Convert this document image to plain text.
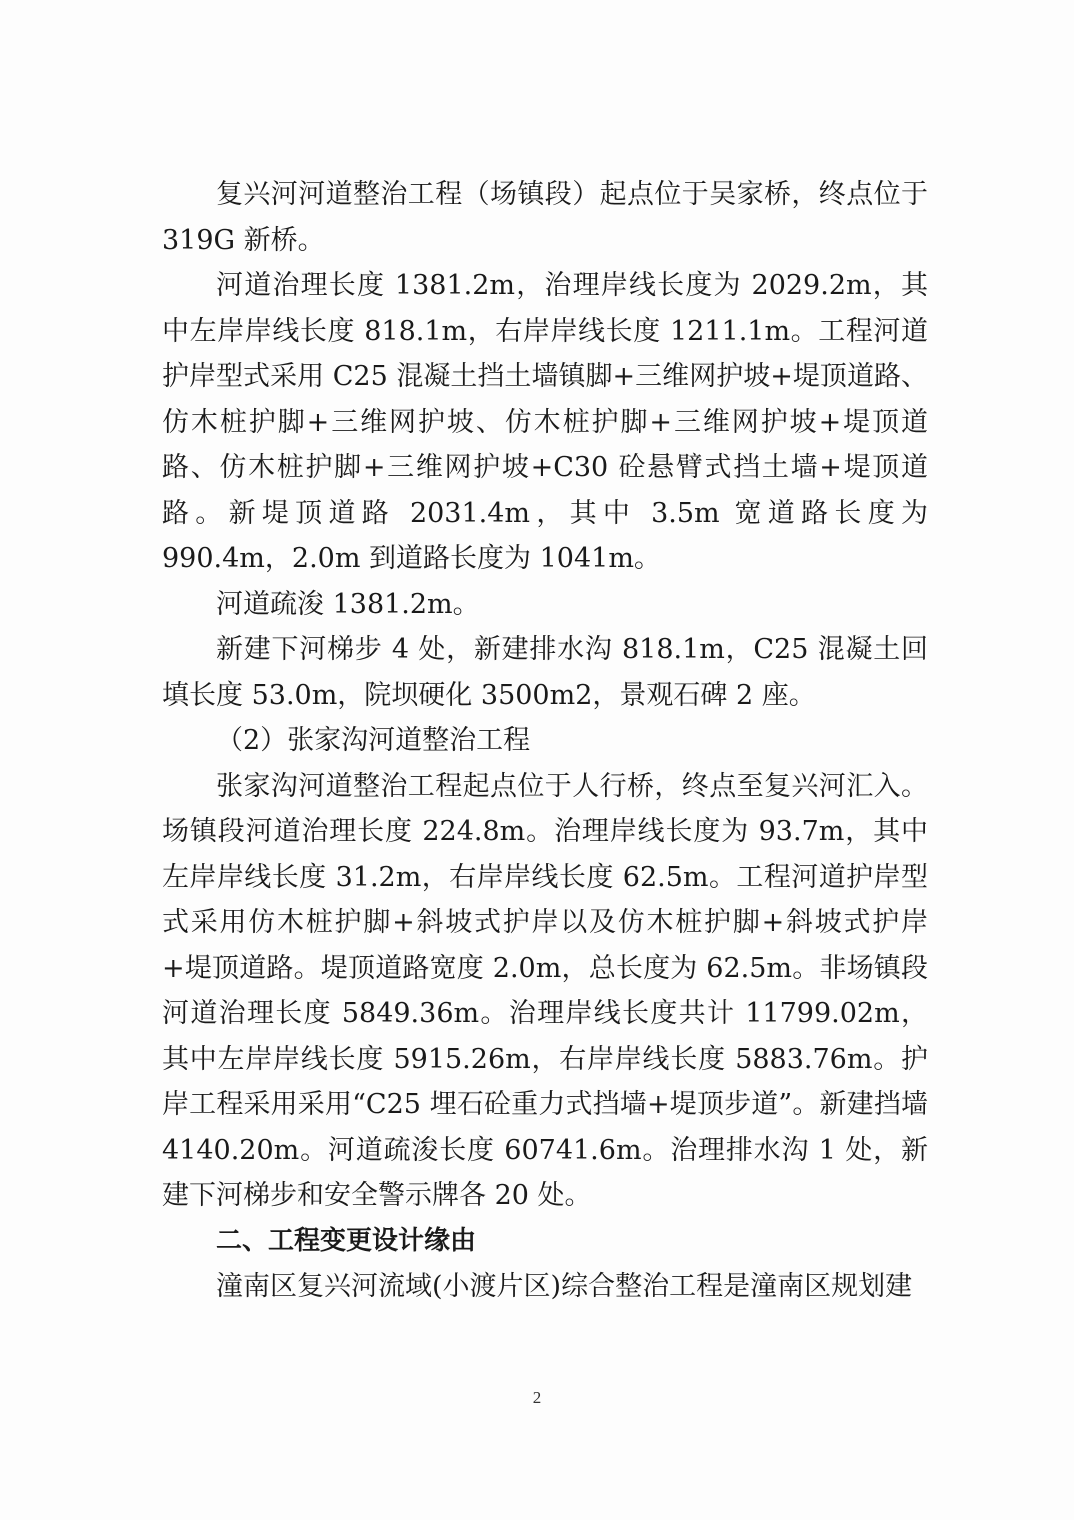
复兴河河道整治工程（场镇段）起点位于吴家桥，终点位于319G 新桥。

河道治理长度 1381.2m，治理岸线长度为 2029.2m，其中左岸岸线长度 818.1m，右岸岸线长度 1211.1m。工程河道护岸型式采用 C25 混凝土挡土墙镇脚+三维网护坡+堤顶道路、仿木桩护脚+三维网护坡、仿木桩护脚+三维网护坡+堤顶道路、仿木桩护脚+三维网护坡+C30 砼悬臂式挡土墙+堤顶道路。新堤顶道路 2031.4m，其中 3.5m 宽道路长度为 990.4m，2.0m 到道路长度为 1041m。

河道疏浚 1381.2m。

新建下河梯步 4 处，新建排水沟 818.1m，C25 混凝土回填长度 53.0m，院坝硬化 3500m2，景观石碑 2 座。

（2）张家沟河道整治工程

张家沟河道整治工程起点位于人行桥，终点至复兴河汇入。场镇段河道治理长度 224.8m。治理岸线长度为 93.7m，其中左岸岸线长度 31.2m，右岸岸线长度 62.5m。工程河道护岸型式采用仿木桩护脚+斜坡式护岸以及仿木桩护脚+斜坡式护岸+堤顶道路。堤顶道路宽度 2.0m，总长度为 62.5m。非场镇段河道治理长度 5849.36m。治理岸线长度共计 11799.02m，其中左岸岸线长度 5915.26m，右岸岸线长度 5883.76m。护岸工程采用采用“C25 埋石砼重力式挡墙+堤顶步道”。新建挡墙 4140.20m。河道疏浚长度 60741.6m。治理排水沟 1 处，新建下河梯步和安全警示牌各 20 处。

二、工程变更设计缘由

潼南区复兴河流域(小渡片区)综合整治工程是潼南区规划建

2
